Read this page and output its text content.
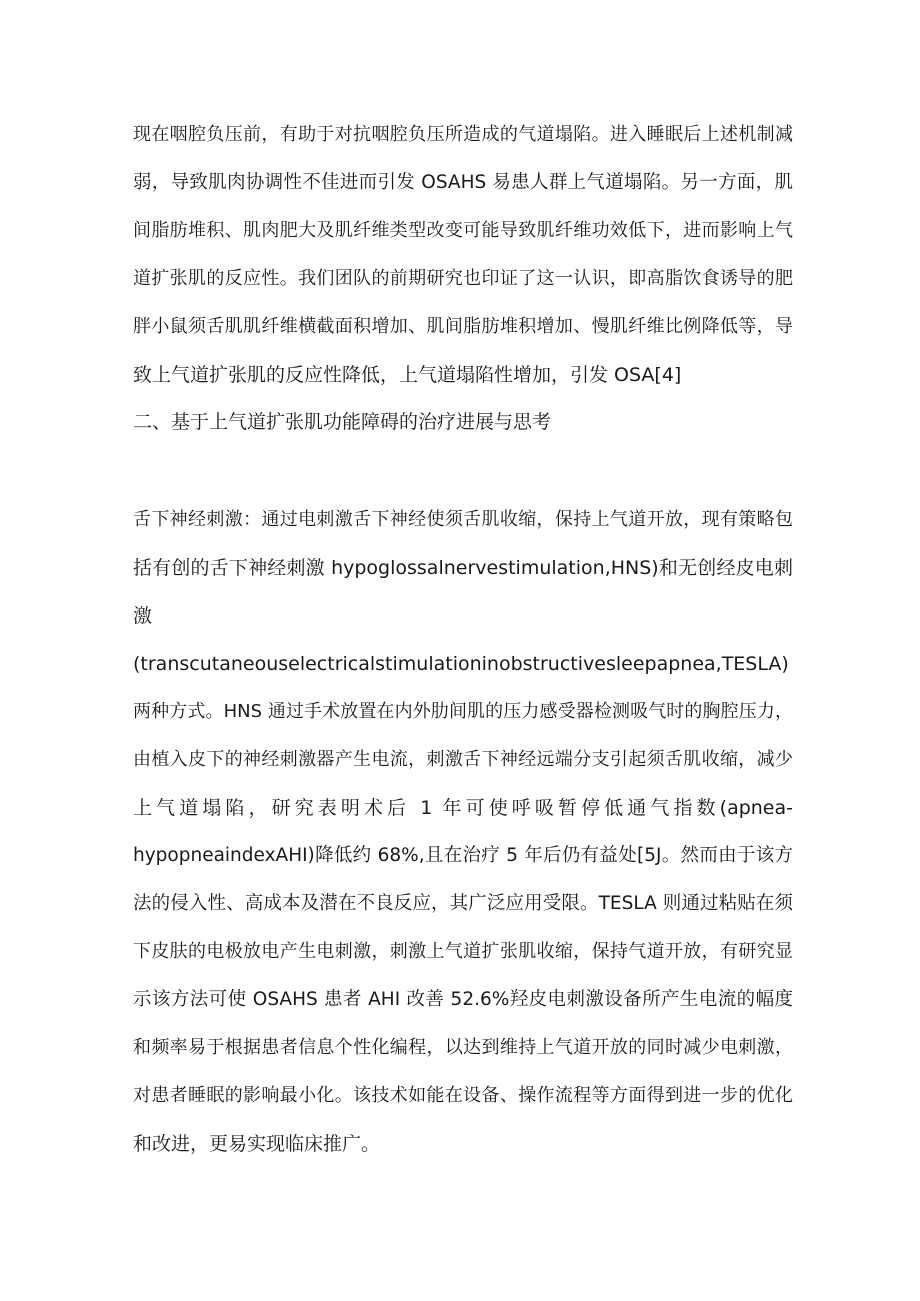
现在咽腔负压前，有助于对抗咽腔负压所造成的气道塌陷。进入睡眠后上述机制减
弱，导致肌肉协调性不佳进而引发 OSAHS 易患人群上气道塌陷。另一方面，肌
间脂肪堆积、肌肉肥大及肌纤维类型改变可能导致肌纤维功效低下，进而影响上气
道扩张肌的反应性。我们团队的前期研究也印证了这一认识，即高脂饮食诱导的肥
胖小鼠须舌肌肌纤维横截面积增加、肌间脂肪堆积增加、慢肌纤维比例降低等，导
致上气道扩张肌的反应性降低，上气道塌陷性增加，引发 OSA[4]
二、基于上气道扩张肌功能障碍的治疗进展与思考
舌下神经刺激：通过电刺激舌下神经使须舌肌收缩，保持上气道开放，现有策略包
括有创的舌下神经刺激 hypoglossalnervestimulation,HNS)和无创经皮电刺
激
(transcutaneouselectricalstimulationinobstructivesleepapnea,TESLA)
两种方式。HNS 通过手术放置在内外肋间肌的压力感受器检测吸气时的胸腔压力，
由植入皮下的神经刺激器产生电流，刺激舌下神经远端分支引起须舌肌收缩，减少
上气道塌陷，研究表明术后 1 年可使呼吸暂停低通气指数(apnea-
hypopneaindexAHI)降低约 68%,且在治疗 5 年后仍有益处[5J。然而由于该方
法的侵入性、高成本及潜在不良反应，其广泛应用受限。TESLA 则通过粘贴在须
下皮肤的电极放电产生电刺激，刺激上气道扩张肌收缩，保持气道开放，有研究显
示该方法可使 OSAHS 患者 AHI 改善 52.6%羟皮电刺激设备所产生电流的幅度
和频率易于根据患者信息个性化编程，以达到维持上气道开放的同时减少电刺激，
对患者睡眠的影响最小化。该技术如能在设备、操作流程等方面得到进一步的优化
和改进，更易实现临床推广。
